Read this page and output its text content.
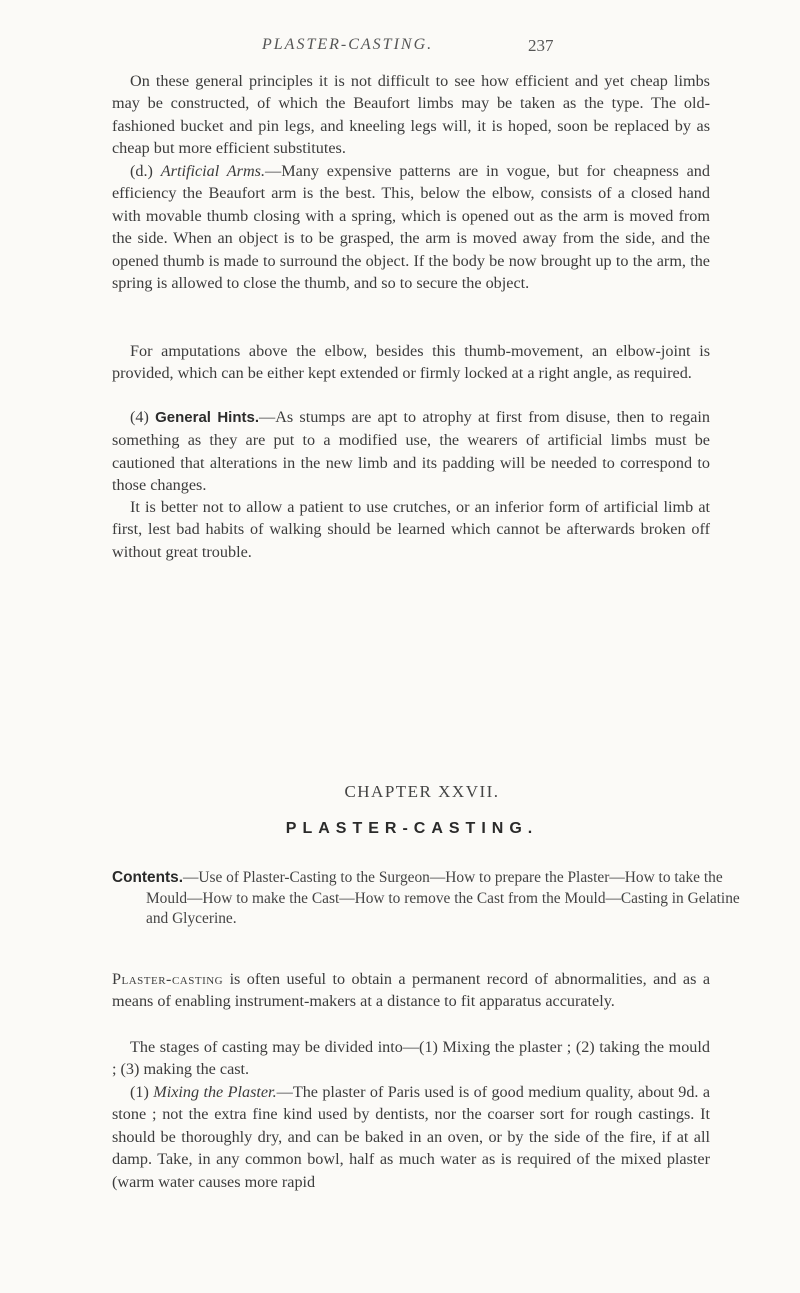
PLASTER-CASTING.	237

On these general principles it is not difficult to see how efficient and yet cheap limbs may be constructed, of which the Beaufort limbs may be taken as the type. The old-fashioned bucket and pin legs, and kneeling legs will, it is hoped, soon be replaced by as cheap but more efficient substitutes.

(d.) Artificial Arms.—Many expensive patterns are in vogue, but for cheapness and efficiency the Beaufort arm is the best. This, below the elbow, consists of a closed hand with movable thumb closing with a spring, which is opened out as the arm is moved from the side. When an object is to be grasped, the arm is moved away from the side, and the opened thumb is made to surround the object. If the body be now brought up to the arm, the spring is allowed to close the thumb, and so to secure the object.

For amputations above the elbow, besides this thumb-movement, an elbow-joint is provided, which can be either kept extended or firmly locked at a right angle, as required.

(4) General Hints.—As stumps are apt to atrophy at first from disuse, then to regain something as they are put to a modified use, the wearers of artificial limbs must be cautioned that alterations in the new limb and its padding will be needed to correspond to those changes.

It is better not to allow a patient to use crutches, or an inferior form of artificial limb at first, lest bad habits of walking should be learned which cannot be afterwards broken off without great trouble.

CHAPTER XXVII.
PLASTER-CASTING.

Contents.—Use of Plaster-Casting to the Surgeon—How to prepare the Plaster—How to take the Mould—How to make the Cast—How to remove the Cast from the Mould—Casting in Gelatine and Glycerine.

Plaster-casting is often useful to obtain a permanent record of abnormalities, and as a means of enabling instrument-makers at a distance to fit apparatus accurately.

The stages of casting may be divided into—(1) Mixing the plaster ; (2) taking the mould ; (3) making the cast.

(1) Mixing the Plaster.—The plaster of Paris used is of good medium quality, about 9d. a stone ; not the extra fine kind used by dentists, nor the coarser sort for rough castings. It should be thoroughly dry, and can be baked in an oven, or by the side of the fire, if at all damp. Take, in any common bowl, half as much water as is required of the mixed plaster (warm water causes more rapid
